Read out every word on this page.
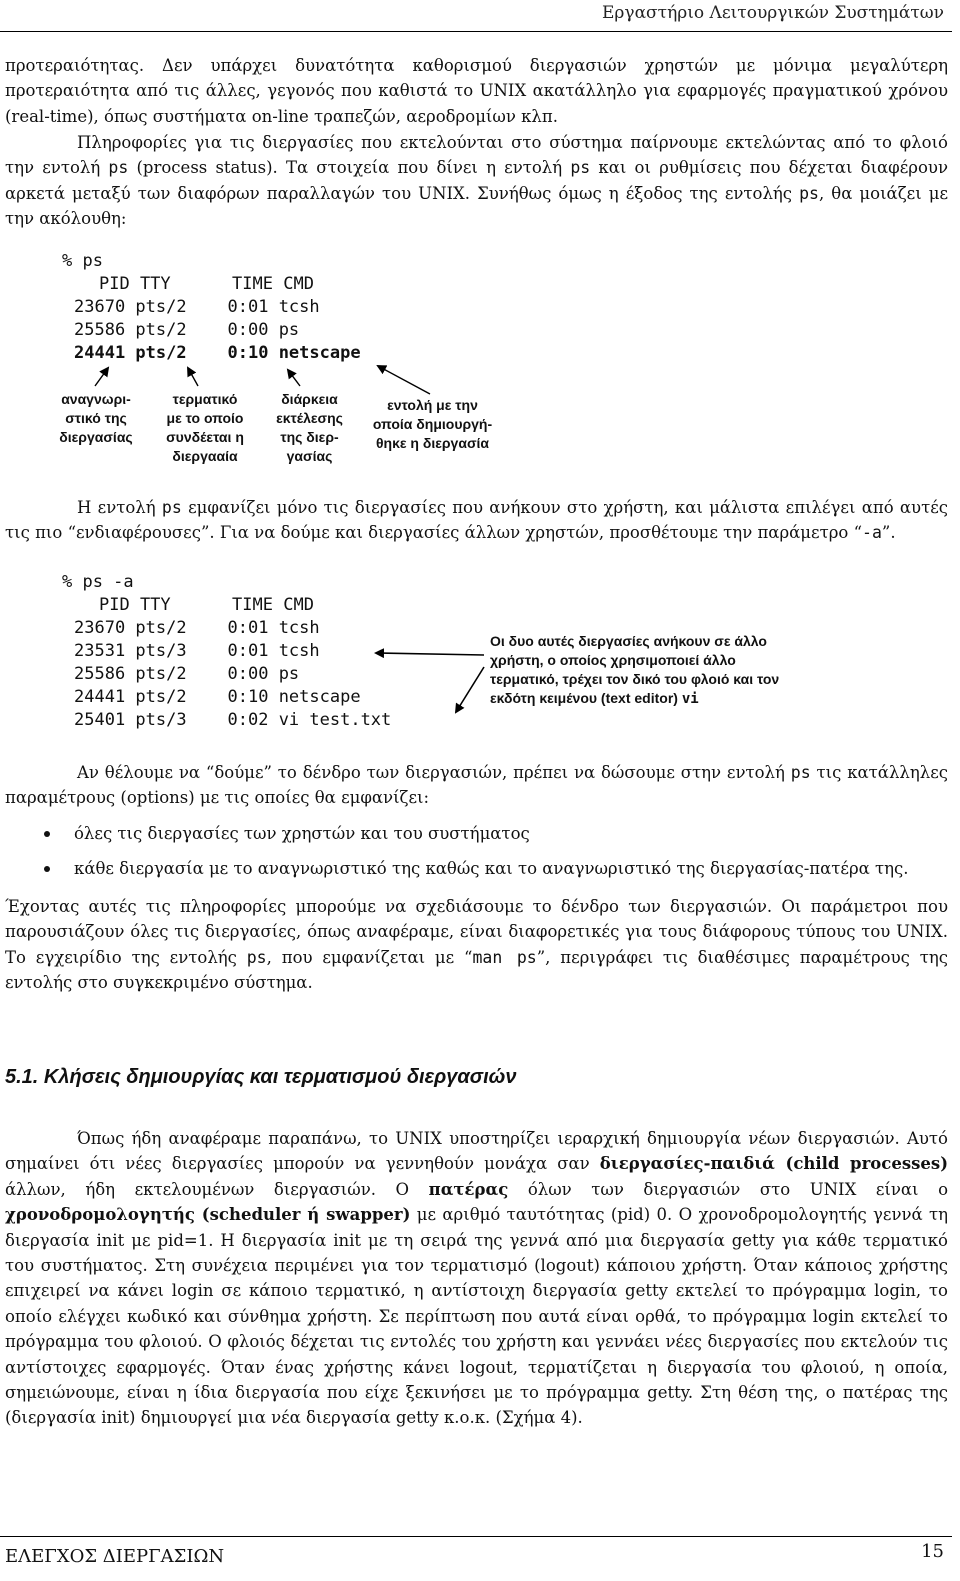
Εργαστήριο Λειτουργικών Συστημάτων

προτεραιότητας. Δεν υπάρχει δυνατότητα καθορισμού διεργασιών χρηστών με μόνιμα μεγαλύτερη προτεραιότητα από τις άλλες, γεγονός που καθιστά το UNIX ακατάλληλο για εφαρμογές πραγματικού χρόνου (real-time), όπως συστήματα on-line τραπεζών, αεροδρομίων κλπ.

Πληροφορίες για τις διεργασίες που εκτελούνται στο σύστημα παίρνουμε εκτελώντας από το φλοιό την εντολή ps (process status). Τα στοιχεία που δίνει η εντολή ps και οι ρυθμίσεις που δέχεται διαφέρουν αρκετά μεταξύ των διαφόρων παραλλαγών του UNIX. Συνήθως όμως η έξοδος της εντολής ps, θα μοιάζει με την ακόλουθη:

% ps

PID TTY      TIME CMD

23670 pts/2    0:01 tcsh

25586 pts/2    0:00 ps

24441 pts/2    0:10 netscape

αναγνωρι-
στικό της
διεργασίας
τερματικό
με το οποίο
συνδέεται η
διεργααία
διάρκεια
εκτέλεσης
της διερ-
γασίας
εντολή με την
οποία δημιουργή-
θηκε η διεργασία

Η εντολή ps εμφανίζει μόνο τις διεργασίες που ανήκουν στο χρήστη, και μάλιστα επιλέγει από αυτές τις πιο “ενδιαφέρουσες”. Για να δούμε και διεργασίες άλλων χρηστών, προσθέτουμε την παράμετρο “-a”.

% ps -a

PID TTY      TIME CMD

23670 pts/2    0:01 tcsh

23531 pts/3    0:01 tcsh

25586 pts/2    0:00 ps

24441 pts/2    0:10 netscape

25401 pts/3    0:02 vi test.txt

Οι δυο αυτές διεργασίες ανήκουν σε άλλο
χρήστη, ο οποίος χρησιμοποιεί άλλο
τερματικό, τρέχει τον δικό του φλοιό και τον
εκδότη κειμένου (text editor) vi

Αν θέλουμε να “δούμε” το δένδρο των διεργασιών, πρέπει να δώσουμε στην εντολή ps τις κατάλληλες παραμέτρους (options) με τις οποίες θα εμφανίζει:

όλες τις διεργασίες των χρηστών και του συστήματος
κάθε διεργασία με το αναγνωριστικό της καθώς και το αναγνωριστικό της διεργασίας-πατέρα της.

Έχοντας αυτές τις πληροφορίες μπορούμε να σχεδιάσουμε το δένδρο των διεργασιών. Οι παράμετροι που παρουσιάζουν όλες τις διεργασίες, όπως αναφέραμε, είναι διαφορετικές για τους διάφορους τύπους του UNIX. Το εγχειρίδιο της εντολής ps, που εμφανίζεται με “man ps”, περιγράφει τις διαθέσιμες παραμέτρους της εντολής στο συγκεκριμένο σύστημα.

5.1. Κλήσεις δημιουργίας και τερματισμού διεργασιών

Όπως ήδη αναφέραμε παραπάνω, το UNIX υποστηρίζει ιεραρχική δημιουργία νέων διεργασιών. Αυτό σημαίνει ότι νέες διεργασίες μπορούν να γεννηθούν μονάχα σαν διεργασίες-παιδιά (child processes) άλλων, ήδη εκτελουμένων διεργασιών. Ο πατέρας όλων των διεργασιών στο UNIX είναι ο χρονοδρομολογητής (scheduler ή swapper) με αριθμό ταυτότητας (pid) 0. Ο χρονοδρομολογητής γεννά τη διεργασία init με pid=1. Η διεργασία init με τη σειρά της γεννά από μια διεργασία getty για κάθε τερματικό του συστήματος. Στη συνέχεια περιμένει για τον τερματισμό (logout) κάποιου χρήστη. Όταν κάποιος χρήστης επιχειρεί να κάνει login σε κάποιο τερματικό, η αντίστοιχη διεργασία getty εκτελεί το πρόγραμμα login, το οποίο ελέγχει κωδικό και σύνθημα χρήστη. Σε περίπτωση που αυτά είναι ορθά, το πρόγραμμα login εκτελεί το πρόγραμμα του φλοιού. Ο φλοιός δέχεται τις εντολές του χρήστη και γεννάει νέες διεργασίες που εκτελούν τις αντίστοιχες εφαρμογές. Όταν ένας χρήστης κάνει logout, τερματίζεται η διεργασία του φλοιού, η οποία, σημειώνουμε, είναι η ίδια διεργασία που είχε ξεκινήσει με το πρόγραμμα getty. Στη θέση της, ο πατέρας της (διεργασία init) δημιουργεί μια νέα διεργασία getty κ.ο.κ. (Σχήμα 4).

ΕΛΕΓΧΟΣ ΔΙΕΡΓΑΣΙΩΝ	15
